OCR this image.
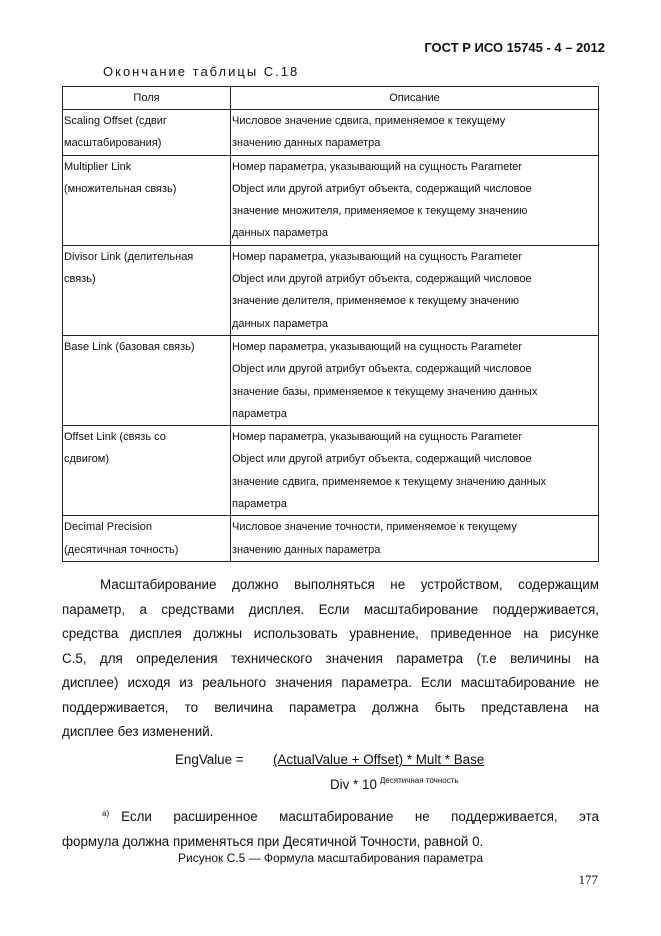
ГОСТ Р ИСО 15745 - 4 – 2012
Окончание таблицы С.18
Поля	Описание

Scaling Offset (сдвиг
масштабирования)	Числовое значение сдвига, применяемое к текущему
значению данных параметра

Multiplier Link
(множительная связь)	Номер параметра, указывающий на сущность Parameter
Object или другой атрибут объекта, содержащий числовое
значение множителя, применяемое к текущему значению
данных параметра

Divisor Link (делительная
связь)	Номер параметра, указывающий на сущность Parameter
Object или другой атрибут объекта, содержащий числовое
значение делителя, применяемое к текущему значению
данных параметра

Base Link (базовая связь)	Номер параметра, указывающий на сущность Parameter
Object или другой атрибут объекта, содержащий числовое
значение базы, применяемое к текущему значению данных
параметра

Offset Link (связь со
сдвигом)	Номер параметра, указывающий на сущность Parameter
Object или другой атрибут объекта, содержащий числовое
значение сдвига, применяемое к текущему значению данных
параметра

Decimal Precision
(десятичная точность)	Числовое значение точности, применяемое к текущему
значению данных параметра
Масштабирование должно выполняться не устройством, содержащим
параметр, а средствами дисплея. Если масштабирование поддерживается,
средства дисплея должны использовать уравнение, приведенное на рисунке
С.5, для определения технического значения параметра (т.е величины на
дисплее) исходя из реального значения параметра. Если масштабирование не
поддерживается, то величина параметра должна быть представлена на
дисплее без изменений.
EngValue = (ActualValue + Offset) * Mult * Base
Div * 10 $^{Десятичная точность}$
$^{а)}$ Если расширенное масштабирование не поддерживается, эта
формула должна применяться при Десятичной Точности, равной 0.
Рисунок С.5 — Формула масштабирования параметра
177
